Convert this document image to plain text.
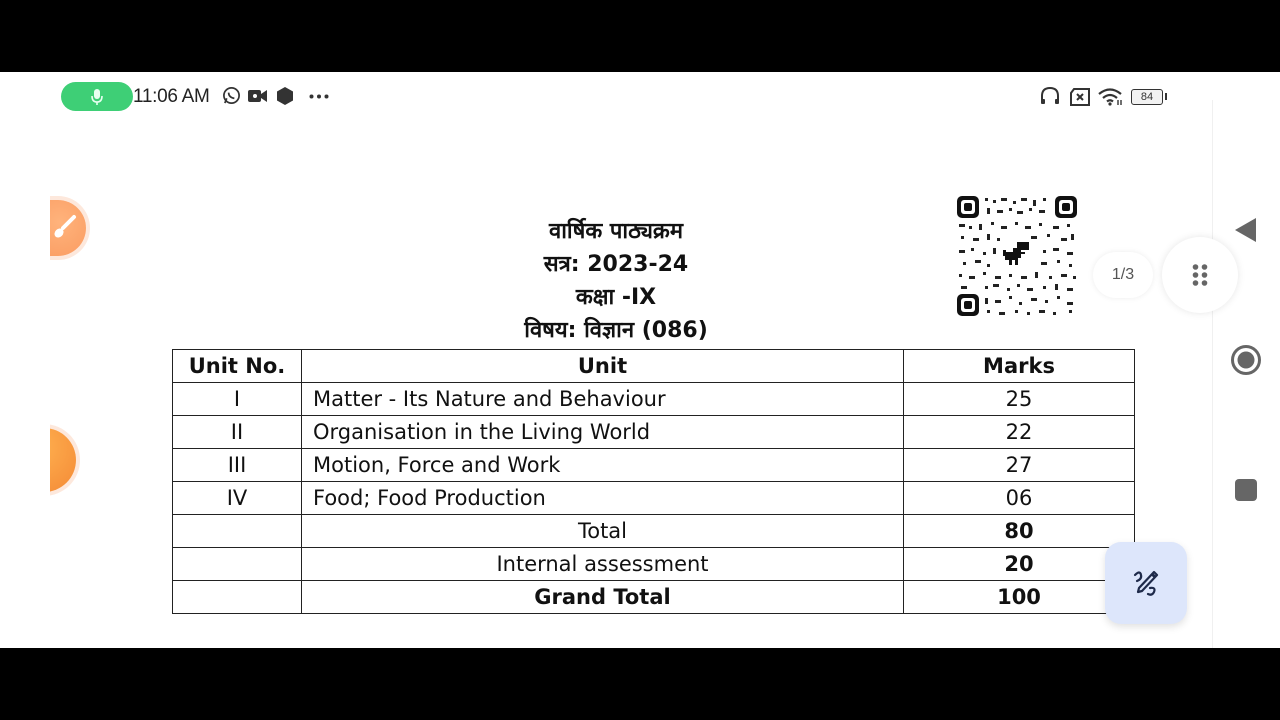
11:06 AM	84
वार्षिक पाठ्यक्रम
सत्र: 2023-24
कक्षा -IX
विषय: विज्ञान (086)
Unit No.	Unit	Marks
I	Matter - Its Nature and Behaviour	25
II	Organisation in the Living World	22
III	Motion, Force and Work	27
IV	Food; Food Production	06
	Total	80
	Internal assessment	20
	Grand Total	100
1/3
